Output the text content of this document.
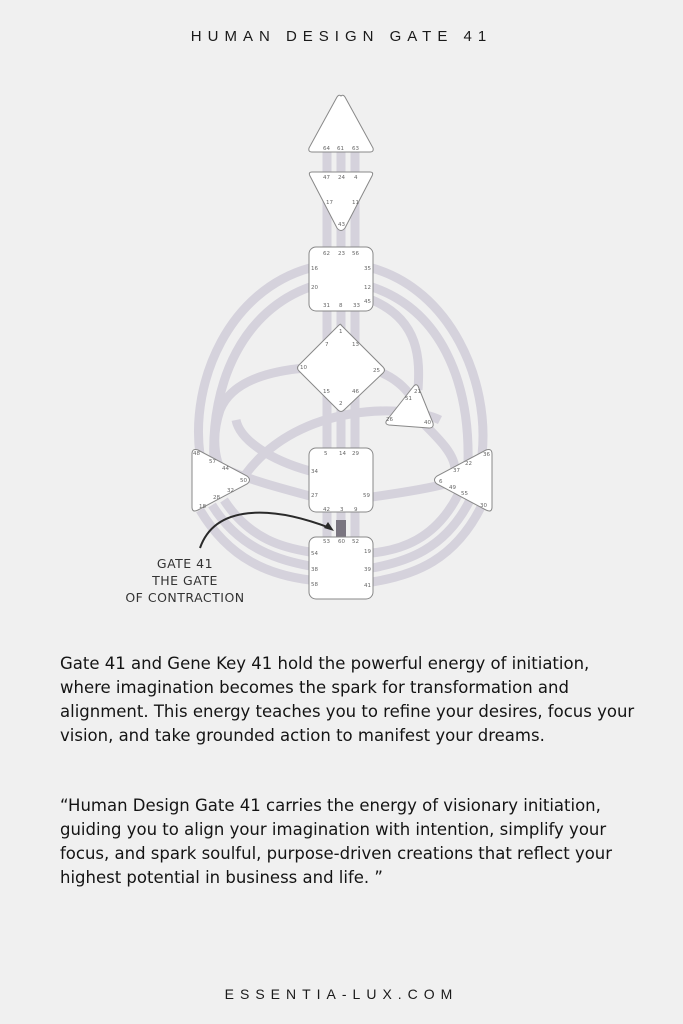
HUMAN DESIGN GATE 41
64 61 63
47 24 4
17	11
43
62 23 56
16	35
20	12
45
31 8 33
1
7	13
10	25
15	46
2
21
51
26	40
48
57
44
50
32
28
18
5 14 29
34
27	59
42 3 9
36
22
37
6
49
55
30
53 60 52
54	19
38	39
58	41
GATE 41
THE GATE
OF CONTRACTION
Gate 41 and Gene Key 41 hold the powerful energy of initiation, where imagination becomes the spark for transformation and alignment. This energy teaches you to refine your desires, focus your vision, and take grounded action to manifest your dreams.
“Human Design Gate 41 carries the energy of visionary initiation, guiding you to align your imagination with intention, simplify your focus, and spark soulful, purpose-driven creations that reflect your highest potential in business and life. ”
ESSENTIA-LUX.COM
